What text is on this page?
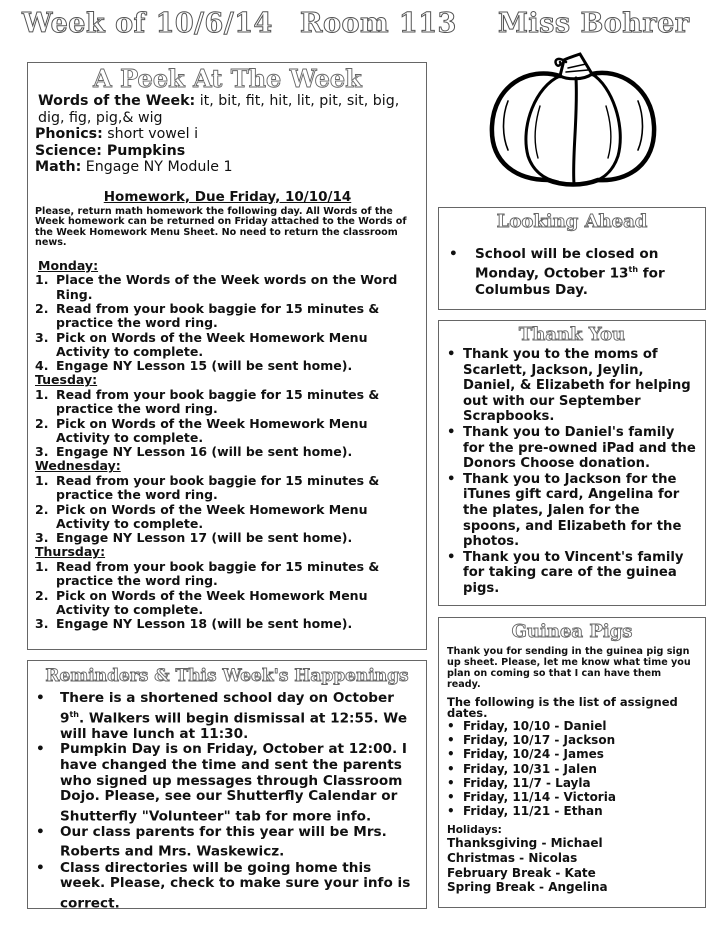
Week of 10/6/14 Room 113 Miss Bohrer
A Peek At The Week

Words of the Week: it, bit, fit, hit, lit, pit, sit, big, dig, fig, pig,& wig

Phonics: short vowel i

Science: Pumpkins

Math: Engage NY Module 1

Homework, Due Friday, 10/10/14
Please, return math homework the following day. All Words of the Week homework can be returned on Friday attached to the Words of the Week Homework Menu Sheet. No need to return the classroom news.
Monday:
1. Place the Words of the Week words on the Word Ring.
2. Read from your book baggie for 15 minutes & practice the word ring.
3. Pick on Words of the Week Homework Menu Activity to complete.
4. Engage NY Lesson 15 (will be sent home).
Tuesday:
1. Read from your book baggie for 15 minutes & practice the word ring.
2. Pick on Words of the Week Homework Menu Activity to complete.
3. Engage NY Lesson 16 (will be sent home).
Wednesday:
1. Read from your book baggie for 15 minutes & practice the word ring.
2. Pick on Words of the Week Homework Menu Activity to complete.
3. Engage NY Lesson 17 (will be sent home).
Thursday:
1. Read from your book baggie for 15 minutes & practice the word ring.
2. Pick on Words of the Week Homework Menu Activity to complete.
3. Engage NY Lesson 18 (will be sent home).
Reminders & This Week's Happenings
• There is a shortened school day on October 9th. Walkers will begin dismissal at 12:55. We will have lunch at 11:30.
• Pumpkin Day is on Friday, October at 12:00. I have changed the time and sent the parents who signed up messages through Classroom Dojo. Please, see our Shutterfly Calendar or Shutterfly "Volunteer" tab for more info.
• Our class parents for this year will be Mrs. Roberts and Mrs. Waskewicz.
• Class directories will be going home this week. Please, check to make sure your info is correct.
Looking Ahead
• School will be closed on Monday, October 13th for Columbus Day.
Thank You
• Thank you to the moms of Scarlett, Jackson, Jeylin, Daniel, & Elizabeth for helping out with our September Scrapbooks.
• Thank you to Daniel's family for the pre-owned iPad and the Donors Choose donation.
• Thank you to Jackson for the iTunes gift card, Angelina for the plates, Jalen for the spoons, and Elizabeth for the photos.
• Thank you to Vincent's family for taking care of the guinea pigs.
Guinea Pigs
Thank you for sending in the guinea pig sign up sheet. Please, let me know what time you plan on coming so that I can have them ready.
The following is the list of assigned dates.
• Friday, 10/10 - Daniel
• Friday, 10/17 - Jackson
• Friday, 10/24 - James
• Friday, 10/31 - Jalen
• Friday, 11/7 - Layla
• Friday, 11/14 - Victoria
• Friday, 11/21 - Ethan
Holidays:
Thanksgiving - Michael
Christmas - Nicolas
February Break - Kate
Spring Break - Angelina
